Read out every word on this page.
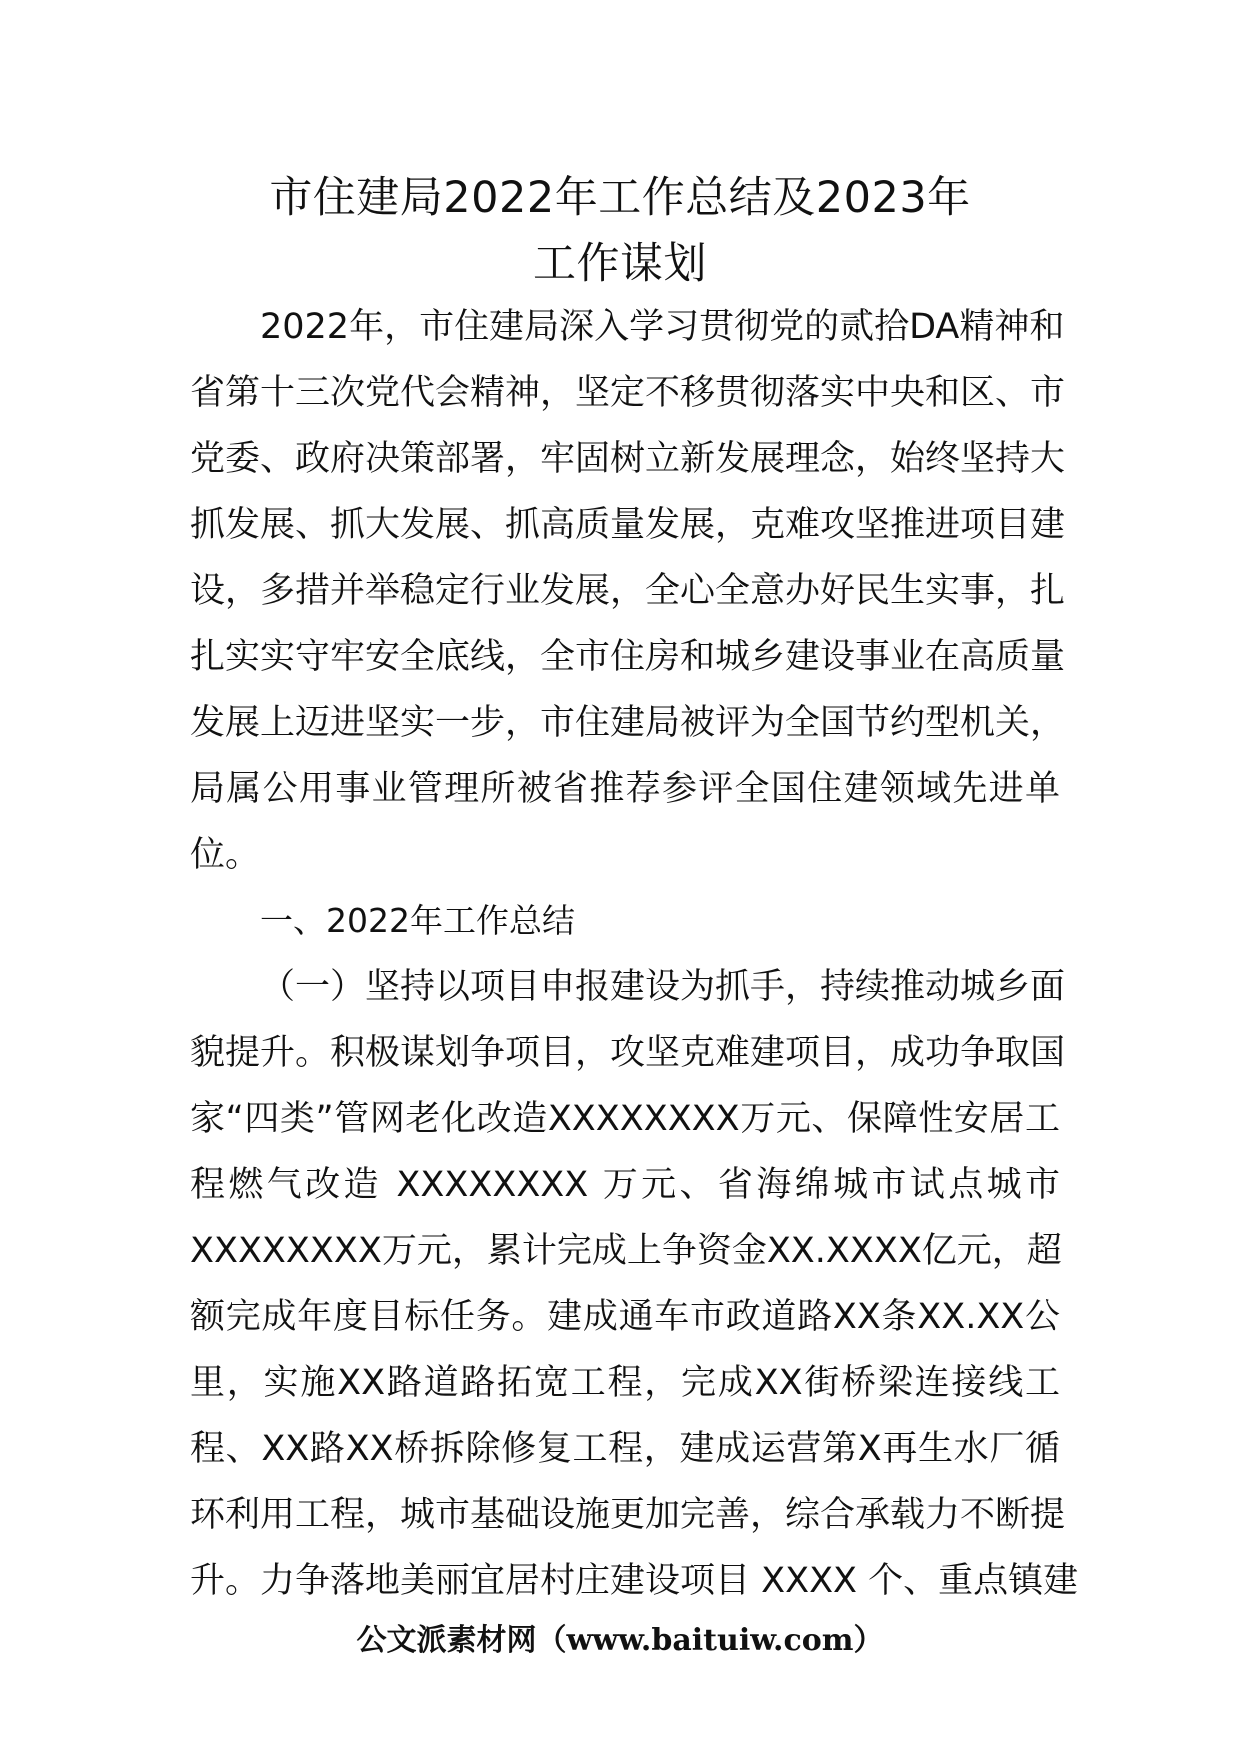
市住建局2022年工作总结及2023年
工作谋划
2022年，市住建局深入学习贯彻党的贰拾DA精神和
省第十三次党代会精神，坚定不移贯彻落实中央和区、市
党委、政府决策部署，牢固树立新发展理念，始终坚持大
抓发展、抓大发展、抓高质量发展，克难攻坚推进项目建
设，多措并举稳定行业发展，全心全意办好民生实事，扎
扎实实守牢安全底线，全市住房和城乡建设事业在高质量
发展上迈进坚实一步，市住建局被评为全国节约型机关，
局属公用事业管理所被省推荐参评全国住建领域先进单
位。
一、2022年工作总结
（一）坚持以项目申报建设为抓手，持续推动城乡面
貌提升。积极谋划争项目，攻坚克难建项目，成功争取国
家“四类”管网老化改造XXXXXXXX万元、保障性安居工
程燃气改造 XXXXXXXX 万元、省海绵城市试点城市
XXXXXXXX万元，累计完成上争资金XX.XXXX亿元，超
额完成年度目标任务。建成通车市政道路XX条XX.XX公
里，实施XX路道路拓宽工程，完成XX街桥梁连接线工
程、XX路XX桥拆除修复工程，建成运营第X再生水厂循
环利用工程，城市基础设施更加完善，综合承载力不断提
升。力争落地美丽宜居村庄建设项目 XXXX 个、重点镇建
公文派素材网（www.baituiw.com）
